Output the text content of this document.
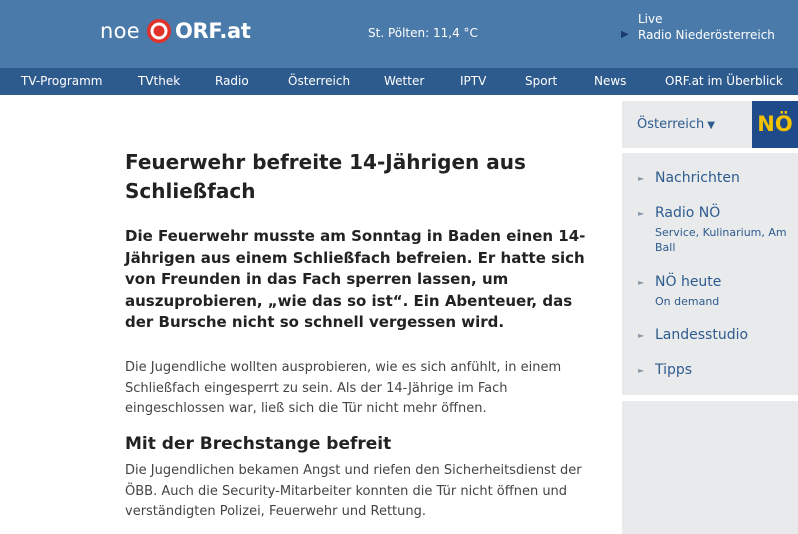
noe ORF.at	St. Pölten: 11,4 °C
Live
▶ Radio Niederösterreich
TV-Programm	TVthek	Radio	Österreich	Wetter	IPTV	Sport	News	ORF.at im Überblick
Feuerwehr befreite 14-Jährigen aus Schließfach

Die Feuerwehr musste am Sonntag in Baden einen 14-Jährigen aus einem Schließfach befreien. Er hatte sich von Freunden in das Fach sperren lassen, um auszuprobieren, „wie das so ist“. Ein Abenteuer, das der Bursche nicht so schnell vergessen wird.

Die Jugendliche wollten ausprobieren, wie es sich anfühlt, in einem Schließfach eingesperrt zu sein. Als der 14-Jährige im Fach eingeschlossen war, ließ sich die Tür nicht mehr öffnen.

Mit der Brechstange befreit

Die Jugendlichen bekamen Angst und riefen den Sicherheitsdienst der ÖBB. Auch die Security-Mitarbeiter konnten die Tür nicht öffnen und verständigten Polizei, Feuerwehr und Rettung.

Österreich ▼ NÖ
► Nachrichten
► Radio NÖ
Service, Kulinarium, Am Ball
► NÖ heute
On demand
► Landesstudio
► Tipps
